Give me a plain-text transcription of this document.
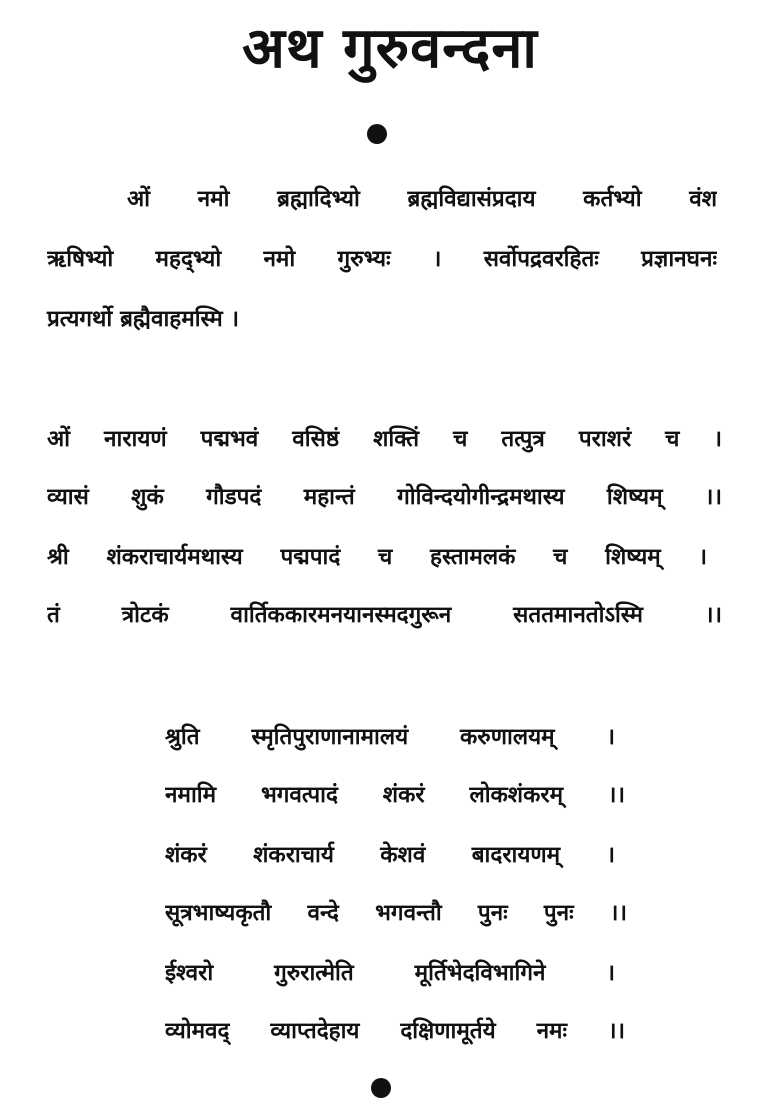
अथ गुरुवन्दना
ओं नमो ब्रह्मादिभ्यो ब्रह्मविद्यासंप्रदाय कर्तभ्यो वंश
ऋषिभ्यो महद्भ्यो नमो गुरुभ्यः । सर्वोपद्रवरहितः प्रज्ञानघनः
प्रत्यगर्थो ब्रह्मैवाहमस्मि ।
ओं नारायणं पद्मभवं वसिष्ठं शक्तिं च तत्पुत्र पराशरं च ।
व्यासं शुकं गौडपदं महान्तं गोविन्दयोगीन्द्रमथास्य शिष्यम् ।।
श्री शंकराचार्यमथास्य पद्मपादं च हस्तामलकं च शिष्यम् ।
तं त्रोटकं वार्तिककारमनयानस्मदगुरून सततमानतोऽस्मि ।।
श्रुति स्मृतिपुराणानामालयं करुणालयम् ।
नमामि भगवत्पादं शंकरं लोकशंकरम् ।।
शंकरं शंकराचार्य केशवं बादरायणम् ।
सूत्रभाष्यकृतौ वन्दे भगवन्तौ पुनः पुनः ।।
ईश्वरो गुरुरात्मेति मूर्तिभेदविभागिने ।
व्योमवद् व्याप्तदेहाय दक्षिणामूर्तये नमः ।।
